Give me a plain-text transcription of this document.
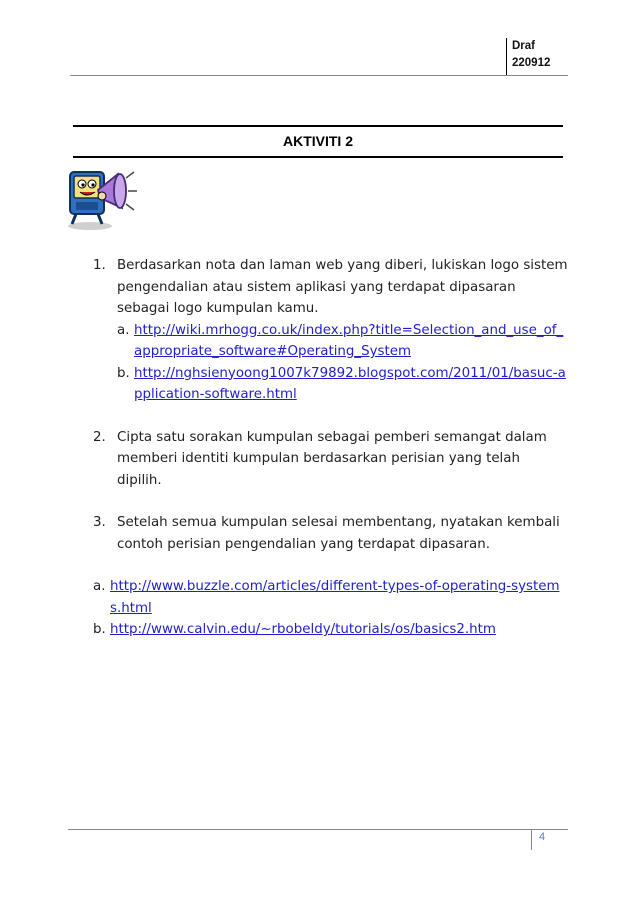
Draf
220912
AKTIVITI 2
1. Berdasarkan nota dan laman web yang diberi, lukiskan logo sistem pengendalian atau sistem aplikasi yang terdapat dipasaran sebagai logo kumpulan kamu.
a. http://wiki.mrhogg.co.uk/index.php?title=Selection_and_use_of_appropriate_software#Operating_System
b. http://nghsienyoong1007k79892.blogspot.com/2011/01/basuc-application-software.html
2. Cipta satu sorakan kumpulan sebagai pemberi semangat dalam memberi identiti kumpulan berdasarkan perisian yang telah dipilih.
3. Setelah semua kumpulan selesai membentang, nyatakan kembali contoh perisian pengendalian yang terdapat dipasaran.
a. http://www.buzzle.com/articles/different-types-of-operating-systems.html
b. http://www.calvin.edu/~rbobeldy/tutorials/os/basics2.htm
4
